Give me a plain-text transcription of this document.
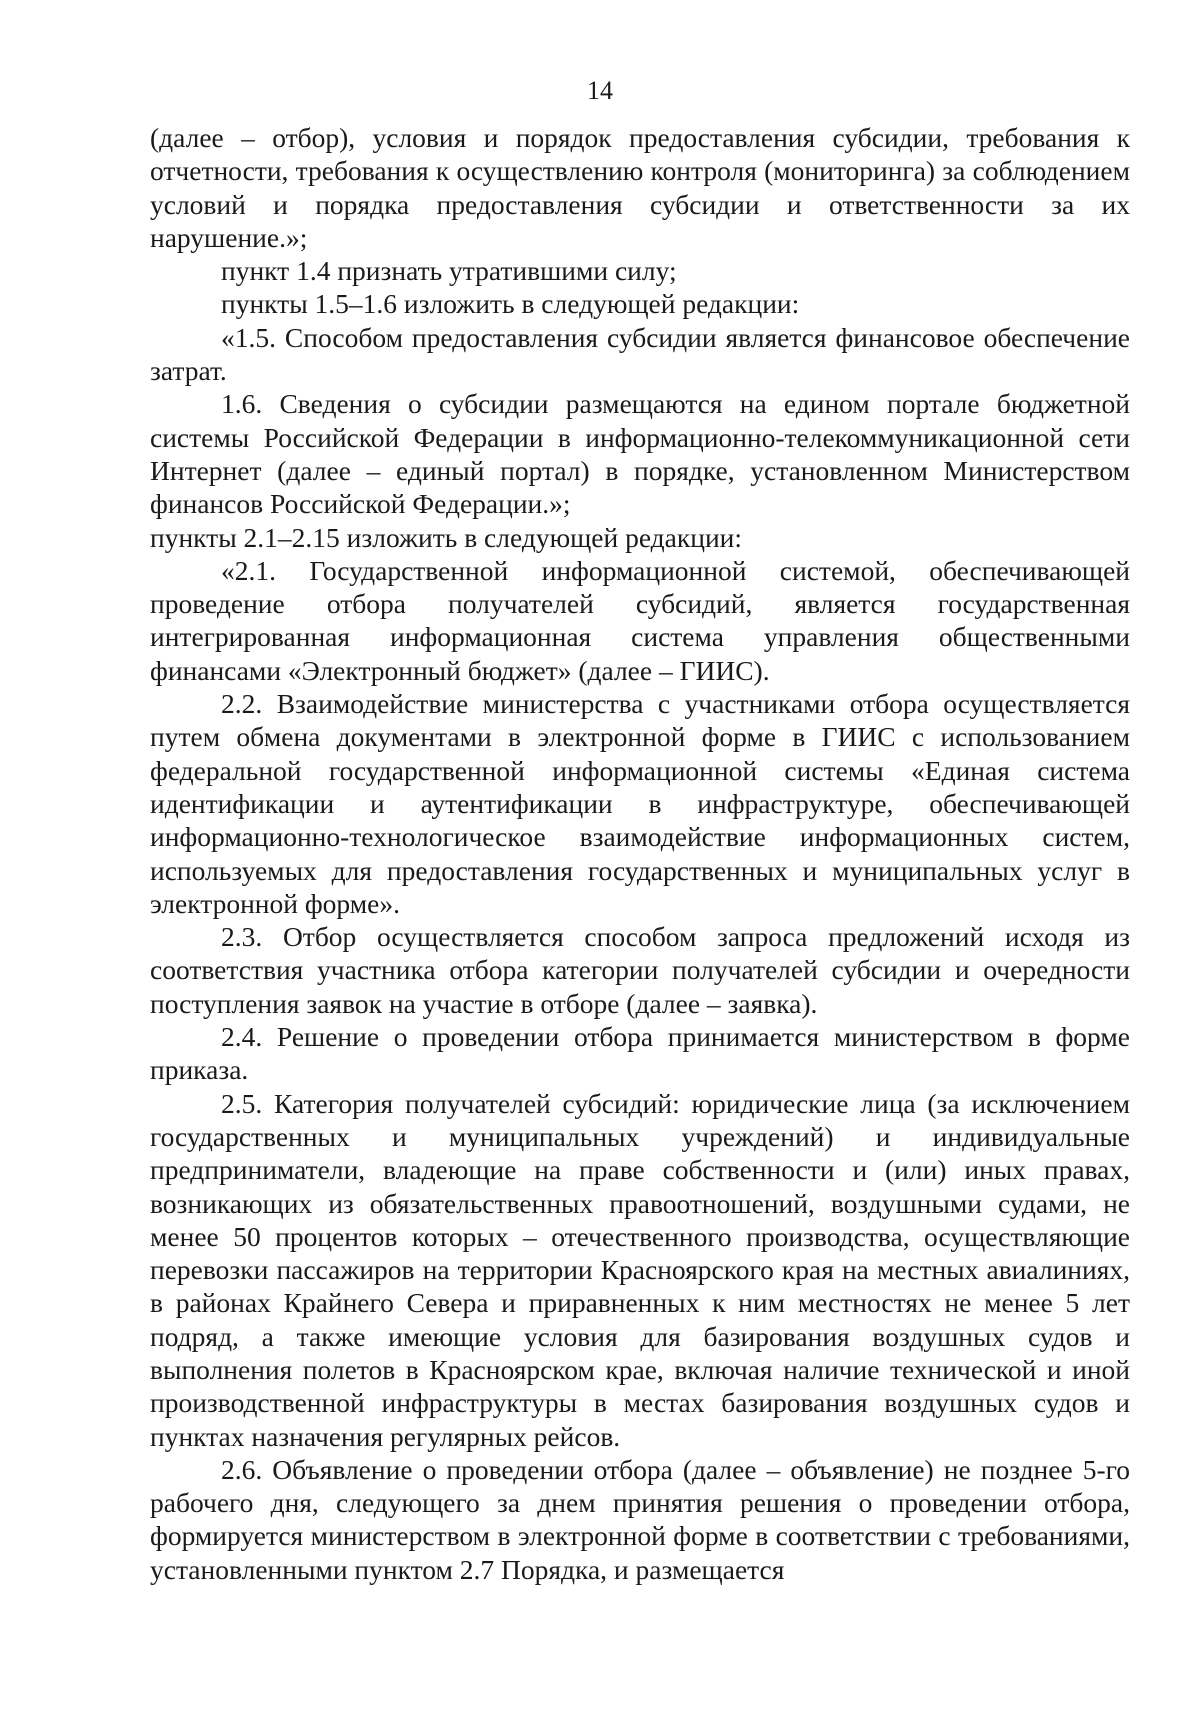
14

(далее – отбор), условия и порядок предоставления субсидии, требования к отчетности, требования к осуществлению контроля (мониторинга) за соблюдением условий и порядка предоставления субсидии и ответственности за их нарушение.»;

пункт 1.4 признать утратившими силу;

пункты 1.5–1.6 изложить в следующей редакции:

«1.5. Способом предоставления субсидии является финансовое обеспечение затрат.

1.6. Сведения о субсидии размещаются на едином портале бюджетной системы Российской Федерации в информационно-телекоммуникационной сети Интернет (далее – единый портал) в порядке, установленном Министерством финансов Российской Федерации.»;

пункты 2.1–2.15 изложить в следующей редакции:

«2.1. Государственной информационной системой, обеспечивающей проведение отбора получателей субсидий, является государственная интегрированная информационная система управления общественными финансами «Электронный бюджет» (далее – ГИИС).

2.2. Взаимодействие министерства с участниками отбора осуществляется путем обмена документами в электронной форме в ГИИС с использованием федеральной государственной информационной системы «Единая система идентификации и аутентификации в инфраструктуре, обеспечивающей информационно-технологическое взаимодействие информационных систем, используемых для предоставления государственных и муниципальных услуг в электронной форме».

2.3. Отбор осуществляется способом запроса предложений исходя из соответствия участника отбора категории получателей субсидии и очередности поступления заявок на участие в отборе (далее – заявка).

2.4. Решение о проведении отбора принимается министерством в форме приказа.

2.5. Категория получателей субсидий: юридические лица (за исключением государственных и муниципальных учреждений) и индивидуальные предприниматели, владеющие на праве собственности и (или) иных правах, возникающих из обязательственных правоотношений, воздушными судами, не менее 50 процентов которых – отечественного производства, осуществляющие перевозки пассажиров на территории Красноярского края на местных авиалиниях, в районах Крайнего Севера и приравненных к ним местностях не менее 5 лет подряд, а также имеющие условия для базирования воздушных судов и выполнения полетов в Красноярском крае, включая наличие технической и иной производственной инфраструктуры в местах базирования воздушных судов и пунктах назначения регулярных рейсов.

2.6. Объявление о проведении отбора (далее – объявление) не позднее 5-го рабочего дня, следующего за днем принятия решения о проведении отбора, формируется министерством в электронной форме в соответствии с требованиями, установленными пунктом 2.7 Порядка, и размещается
